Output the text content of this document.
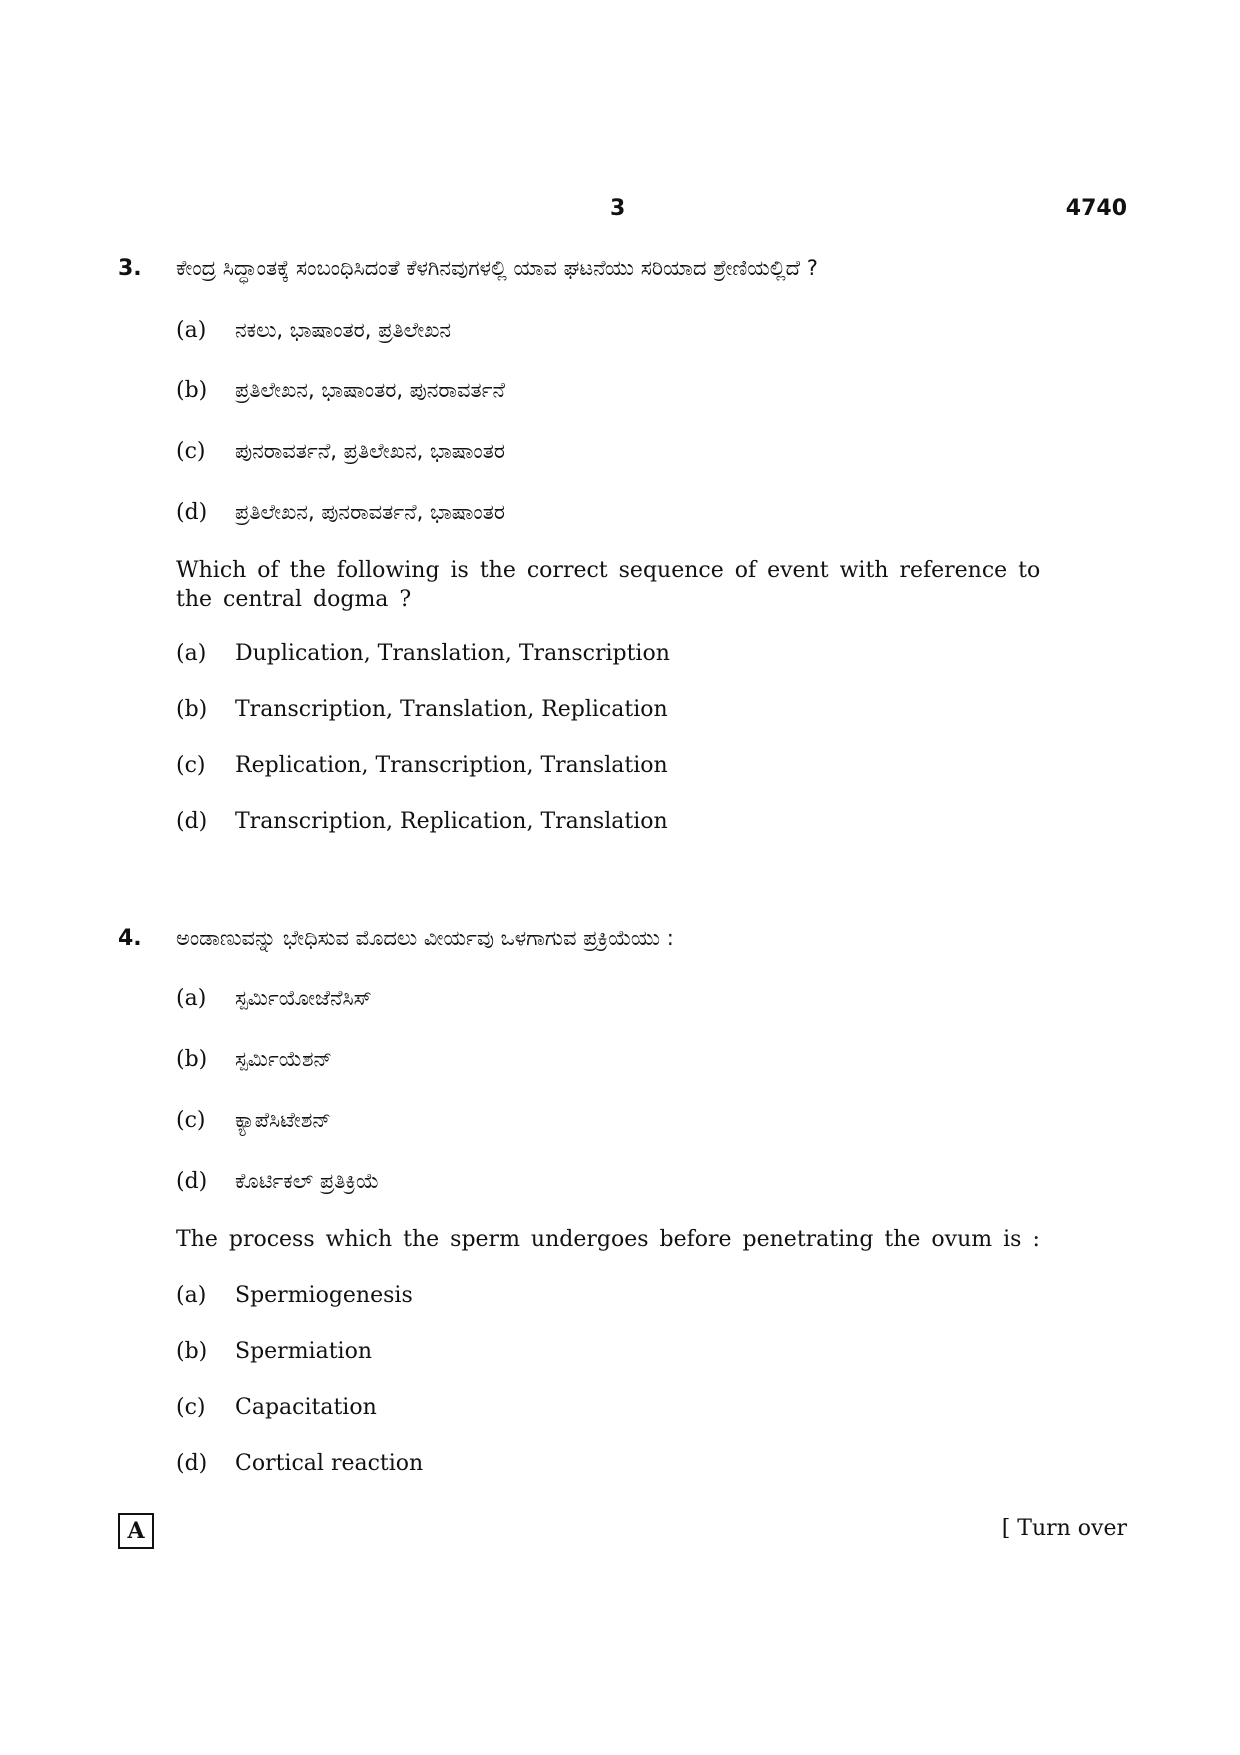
3	4740
3. ಕೇಂದ್ರ ಸಿದ್ಧಾಂತಕ್ಕೆ ಸಂಬಂಧಿಸಿದಂತೆ ಕೆಳಗಿನವುಗಳಲ್ಲಿ ಯಾವ ಘಟನೆಯು ಸರಿಯಾದ ಶ್ರೇಣಿಯಲ್ಲಿದೆ ?
(a) ನಕಲು, ಭಾಷಾಂತರ, ಪ್ರತಿಲೇಖನ
(b) ಪ್ರತಿಲೇಖನ, ಭಾಷಾಂತರ, ಪುನರಾವರ್ತನೆ
(c) ಪುನರಾವರ್ತನೆ, ಪ್ರತಿಲೇಖನ, ಭಾಷಾಂತರ
(d) ಪ್ರತಿಲೇಖನ, ಪುನರಾವರ್ತನೆ, ಭಾಷಾಂತರ
Which of the following is the correct sequence of event with reference to the central dogma ?
(a) Duplication, Translation, Transcription
(b) Transcription, Translation, Replication
(c) Replication, Transcription, Translation
(d) Transcription, Replication, Translation
4. ಅಂಡಾಣುವನ್ನು ಭೇಧಿಸುವ ಮೊದಲು ವೀರ್ಯವು ಒಳಗಾಗುವ ಪ್ರಕ್ರಿಯೆಯು :
(a) ಸ್ಪರ್ಮಿಯೋಜೆನೆಸಿಸ್
(b) ಸ್ಪರ್ಮಿಯೆಶನ್
(c) ಕ್ಯಾಪೆಸಿಟೇಶನ್
(d) ಕೊರ್ಟಿಕಲ್ ಪ್ರತಿಕ್ರಿಯೆ
The process which the sperm undergoes before penetrating the ovum is :
(a) Spermiogenesis
(b) Spermiation
(c) Capacitation
(d) Cortical reaction
A	[ Turn over
